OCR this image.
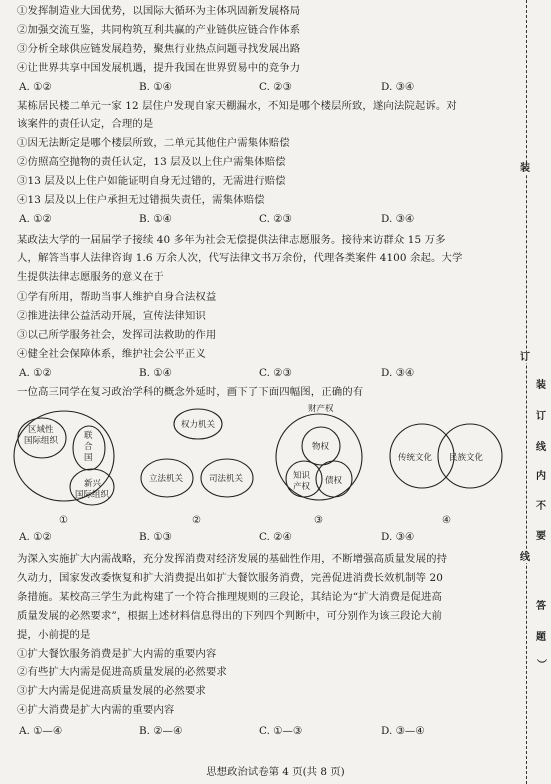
①发挥制造业大国优势，以国际大循环为主体巩固新发展格局
②加强交流互鉴，共同构筑互利共赢的产业链供应链合作体系
③分析全球供应链发展趋势，聚焦行业热点问题寻找发展出路
④让世界共享中国发展机遇，提升我国在世界贸易中的竞争力
A. ①②	B. ①④	C. ②③	D. ③④
某栋居民楼二单元一家 12 层住户发现自家天棚漏水，不知是哪个楼层所致，遂向法院起诉。对
该案件的责任认定，合理的是
①因无法断定是哪个楼层所致，二单元其他住户需集体赔偿
②仿照高空抛物的责任认定，13 层及以上住户需集体赔偿
③13 层及以上住户如能证明自身无过错的，无需进行赔偿
④13 层及以上住户承担无过错损失责任，需集体赔偿
A. ①②	B. ①④	C. ②③	D. ③④
某政法大学的一届届学子接续 40 多年为社会无偿提供法律志愿服务。接待来访群众 15 万多
人，解答当事人法律咨询 1.6 万余人次，代写法律文书万余份，代理各类案件 4100 余起。大学
生提供法律志愿服务的意义在于
①学有所用，帮助当事人维护自身合法权益
②推进法律公益活动开展，宣传法律知识
③以己所学服务社会，发挥司法救助的作用
④健全社会保障体系，维护社会公平正义
A. ①②	B. ①④	C. ②③	D. ③④
一位高三同学在复习政治学科的概念外延时，画下了下面四幅图，正确的有
区域性
国际组织	联
合
国
新兴
国际组织
权力机关
立法机关	司法机关
财产权
物权
知识
产权
债权
传统文化 民族文化
①	②	③	④
A. ①②	B. ①③	C. ②④	D. ③④
为深入实施扩大内需战略，充分发挥消费对经济发展的基础性作用，不断增强高质量发展的持
久动力，国家发改委恢复和扩大消费提出如扩大餐饮服务消费，完善促进消费长效机制等 20
条措施。某校高三学生为此构建了一个符合推理规则的三段论，其结论为“扩大消费是促进高
质量发展的必然要求”，根据上述材料信息得出的下列四个判断中，可分别作为该三段论大前
提，小前提的是
①扩大餐饮服务消费是扩大内需的重要内容
②有些扩大内需是促进高质量发展的必然要求
③扩大内需是促进高质量发展的必然要求
④扩大消费是扩大内需的重要内容
A. ①—④	B. ②—④	C. ①—③	D. ③—④
思想政治试卷第 4 页(共 8 页)
装
订
线
装
订
线
内
不
要
答
题
︶
